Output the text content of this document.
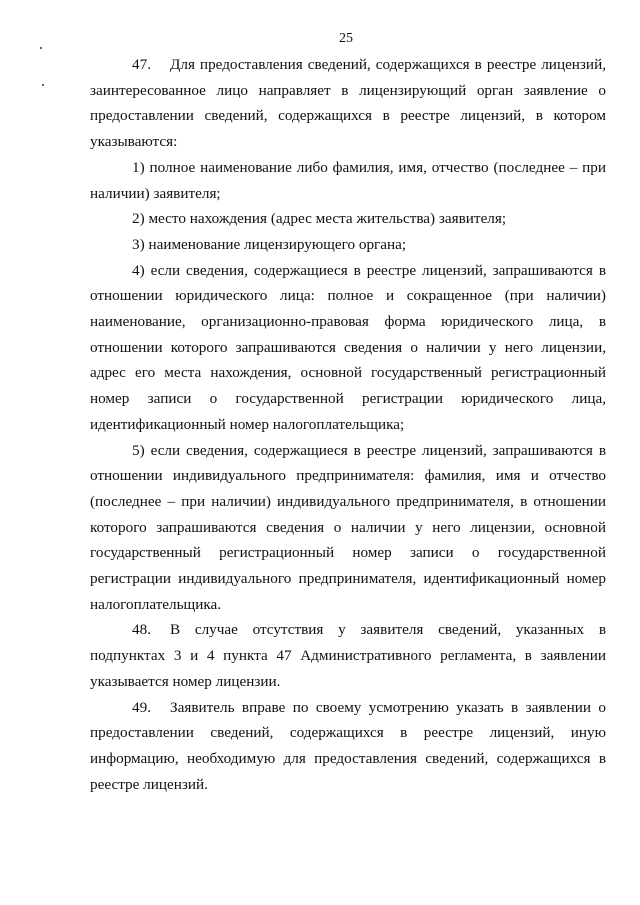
25

47. Для предоставления сведений, содержащихся в реестре лицензий, заинтересованное лицо направляет в лицензирующий орган заявление о предоставлении сведений, содержащихся в реестре лицензий, в котором указываются:

1) полное наименование либо фамилия, имя, отчество (последнее – при наличии) заявителя;

2) место нахождения (адрес места жительства) заявителя;

3) наименование лицензирующего органа;

4) если сведения, содержащиеся в реестре лицензий, запрашиваются в отношении юридического лица: полное и сокращенное (при наличии) наименование, организационно-правовая форма юридического лица, в отношении которого запрашиваются сведения о наличии у него лицензии, адрес его места нахождения, основной государственный регистрационный номер записи о государственной регистрации юридического лица, идентификационный номер налогоплательщика;

5) если сведения, содержащиеся в реестре лицензий, запрашиваются в отношении индивидуального предпринимателя: фамилия, имя и отчество (последнее – при наличии) индивидуального предпринимателя, в отношении которого запрашиваются сведения о наличии у него лицензии, основной государственный регистрационный номер записи о государственной регистрации индивидуального предпринимателя, идентификационный номер налогоплательщика.

48. В случае отсутствия у заявителя сведений, указанных в подпунктах 3 и 4 пункта 47 Административного регламента, в заявлении указывается номер лицензии.

49. Заявитель вправе по своему усмотрению указать в заявлении о предоставлении сведений, содержащихся в реестре лицензий, иную информацию, необходимую для предоставления сведений, содержащихся в реестре лицензий.
